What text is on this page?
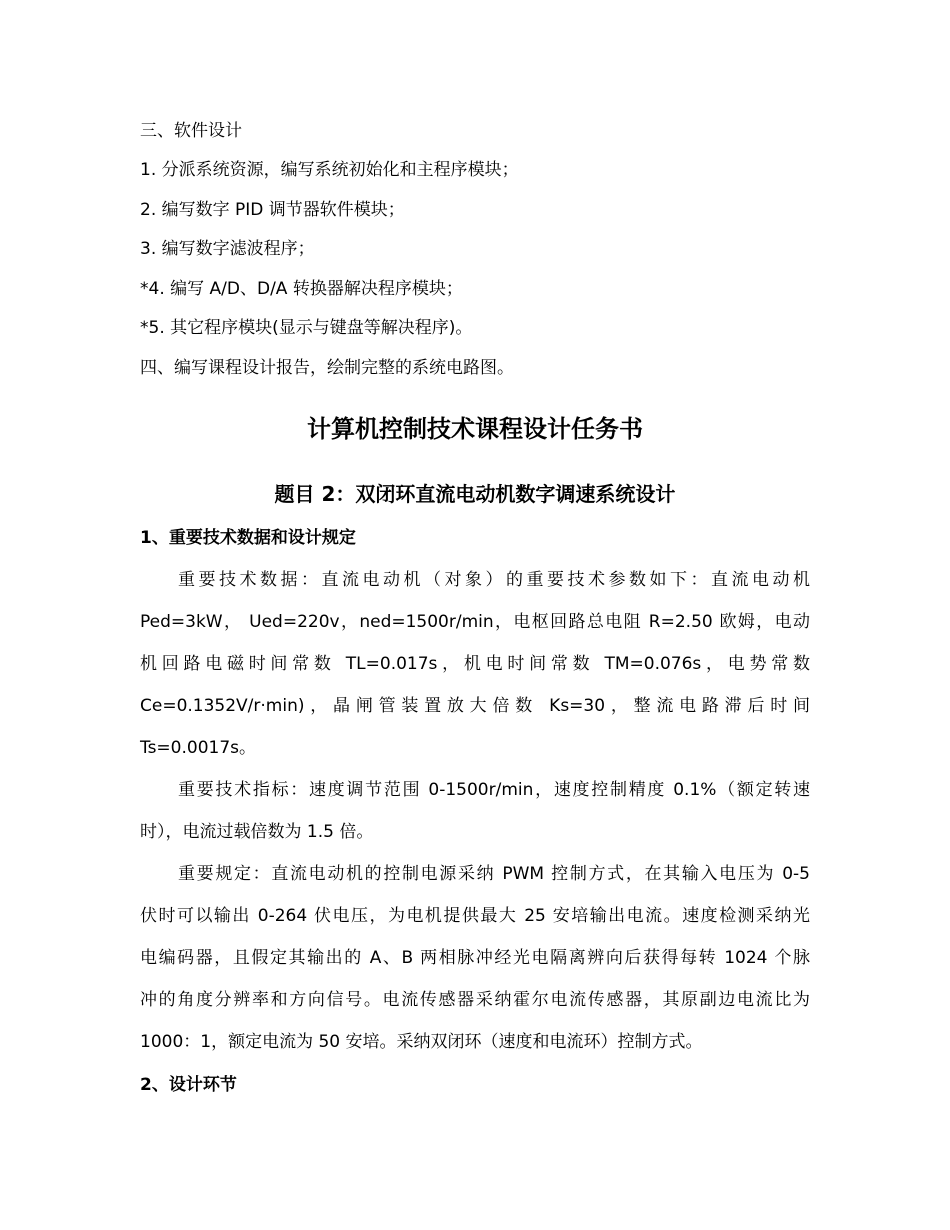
三、软件设计
1. 分派系统资源，编写系统初始化和主程序模块；
2. 编写数字 PID 调节器软件模块；
3. 编写数字滤波程序；
*4. 编写 A/D、D/A 转换器解决程序模块；
*5. 其它程序模块(显示与键盘等解决程序)。
四、编写课程设计报告，绘制完整的系统电路图。
计算机控制技术课程设计任务书
题目 2：双闭环直流电动机数字调速系统设计
1、重要技术数据和设计规定
重要技术数据：直流电动机（对象）的重要技术参数如下：直流电动机
Ped=3kW， Ued=220v，ned=1500r/min，电枢回路总电阻 R=2.50 欧姆，电动
机回路电磁时间常数 TL=0.017s，机电时间常数 TM=0.076s，电势常数
Ce=0.1352V/r·min)，晶闸管装置放大倍数 Ks=30，整流电路滞后时间
Ts=0.0017s。
重要技术指标：速度调节范围 0-1500r/min，速度控制精度 0.1%（额定转速
时），电流过载倍数为 1.5 倍。
重要规定：直流电动机的控制电源采纳 PWM 控制方式，在其输入电压为 0-5
伏时可以输出 0-264 伏电压，为电机提供最大 25 安培输出电流。速度检测采纳光
电编码器，且假定其输出的 A、B 两相脉冲经光电隔离辨向后获得每转 1024 个脉
冲的角度分辨率和方向信号。电流传感器采纳霍尔电流传感器，其原副边电流比为
1000：1，额定电流为 50 安培。采纳双闭环（速度和电流环）控制方式。
2、设计环节
